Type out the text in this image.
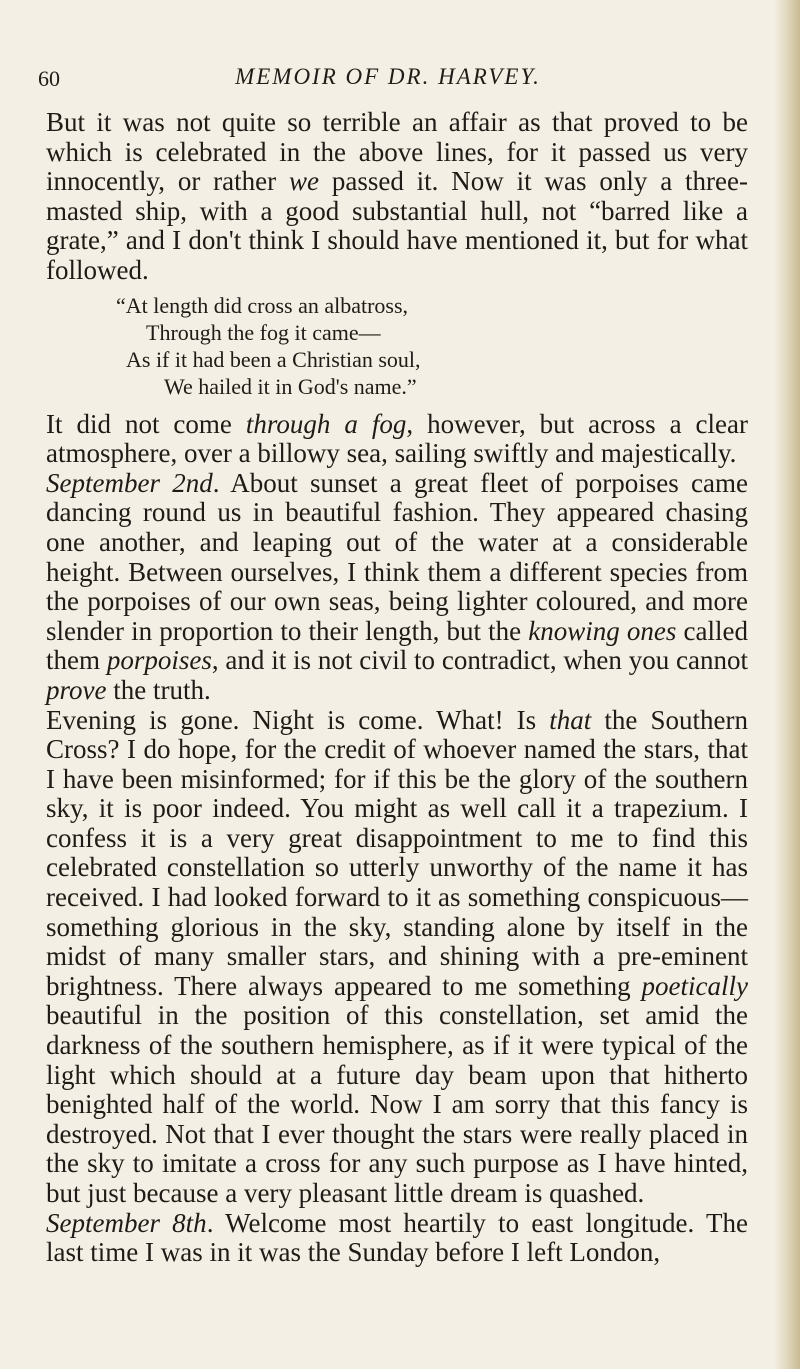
60	MEMOIR OF DR. HARVEY.

But it was not quite so terrible an affair as that proved to be which is celebrated in the above lines, for it passed us very innocently, or rather we passed it. Now it was only a three-masted ship, with a good substantial hull, not “barred like a grate,” and I don't think I should have mentioned it, but for what followed.

“At length did cross an albatross,
Through the fog it came—
As if it had been a Christian soul,
We hailed it in God's name.”

It did not come through a fog, however, but across a clear atmosphere, over a billowy sea, sailing swiftly and majestically.

September 2nd. About sunset a great fleet of porpoises came dancing round us in beautiful fashion. They appeared chasing one another, and leaping out of the water at a considerable height. Between ourselves, I think them a different species from the porpoises of our own seas, being lighter coloured, and more slender in proportion to their length, but the knowing ones called them porpoises, and it is not civil to contradict, when you cannot prove the truth.

Evening is gone. Night is come. What! Is that the Southern Cross? I do hope, for the credit of whoever named the stars, that I have been misinformed; for if this be the glory of the southern sky, it is poor indeed. You might as well call it a trapezium. I confess it is a very great disappointment to me to find this celebrated constellation so utterly unworthy of the name it has received. I had looked forward to it as something conspicuous—something glorious in the sky, standing alone by itself in the midst of many smaller stars, and shining with a pre-eminent brightness. There always appeared to me something poetically beautiful in the position of this constellation, set amid the darkness of the southern hemisphere, as if it were typical of the light which should at a future day beam upon that hitherto benighted half of the world. Now I am sorry that this fancy is destroyed. Not that I ever thought the stars were really placed in the sky to imitate a cross for any such purpose as I have hinted, but just because a very pleasant little dream is quashed.

September 8th. Welcome most heartily to east longitude. The last time I was in it was the Sunday before I left London,
